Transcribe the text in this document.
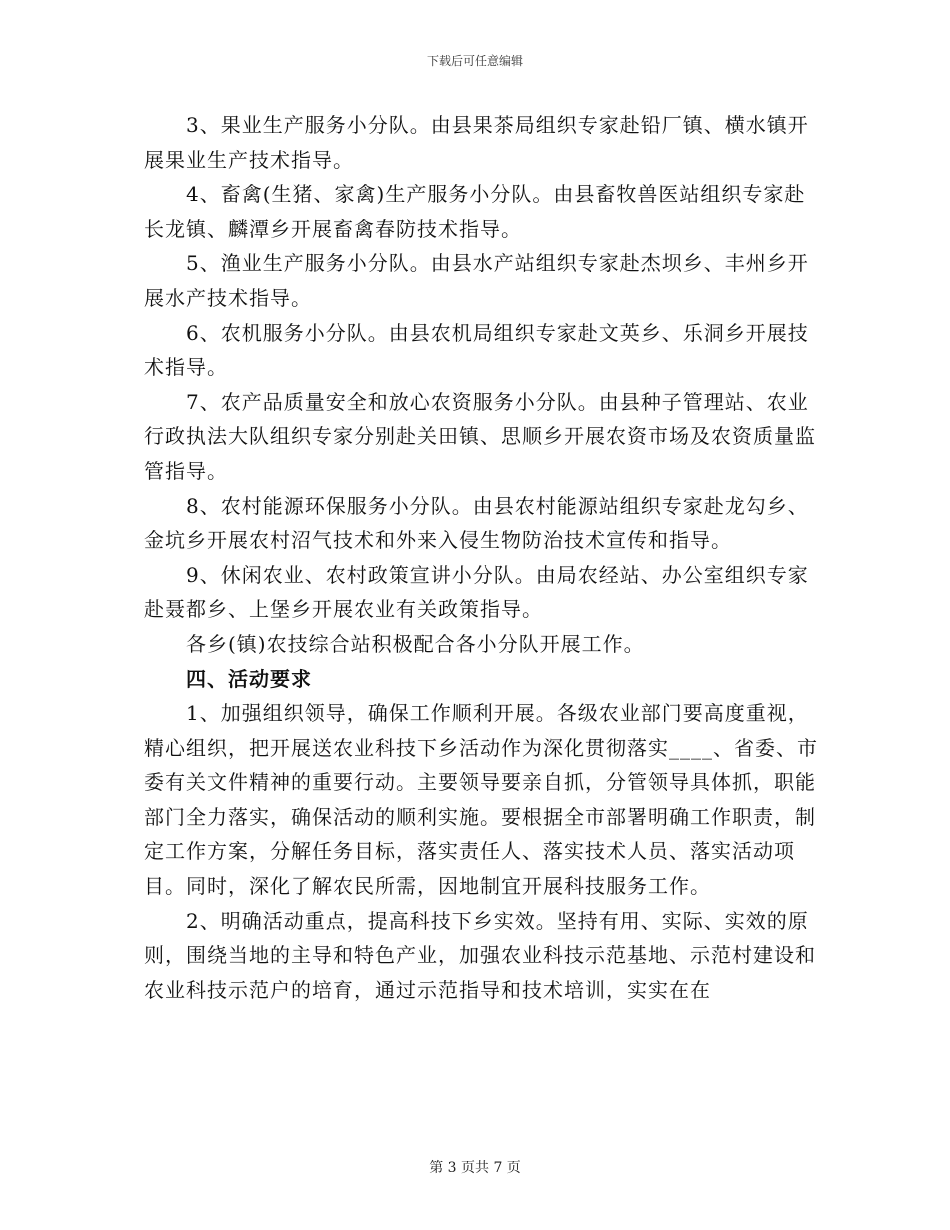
下载后可任意编辑

3、果业生产服务小分队。由县果茶局组织专家赴铅厂镇、横水镇开展果业生产技术指导。

4、畜禽(生猪、家禽)生产服务小分队。由县畜牧兽医站组织专家赴长龙镇、麟潭乡开展畜禽春防技术指导。

5、渔业生产服务小分队。由县水产站组织专家赴杰坝乡、丰州乡开展水产技术指导。

6、农机服务小分队。由县农机局组织专家赴文英乡、乐洞乡开展技术指导。

7、农产品质量安全和放心农资服务小分队。由县种子管理站、农业行政执法大队组织专家分别赴关田镇、思顺乡开展农资市场及农资质量监管指导。

8、农村能源环保服务小分队。由县农村能源站组织专家赴龙勾乡、金坑乡开展农村沼气技术和外来入侵生物防治技术宣传和指导。

9、休闲农业、农村政策宣讲小分队。由局农经站、办公室组织专家赴聂都乡、上堡乡开展农业有关政策指导。

各乡(镇)农技综合站积极配合各小分队开展工作。

四、活动要求

1、加强组织领导，确保工作顺利开展。各级农业部门要高度重视，精心组织，把开展送农业科技下乡活动作为深化贯彻落实____、省委、市委有关文件精神的重要行动。主要领导要亲自抓，分管领导具体抓，职能部门全力落实，确保活动的顺利实施。要根据全市部署明确工作职责，制定工作方案，分解任务目标，落实责任人、落实技术人员、落实活动项目。同时，深化了解农民所需，因地制宜开展科技服务工作。

2、明确活动重点，提高科技下乡实效。坚持有用、实际、实效的原则，围绕当地的主导和特色产业，加强农业科技示范基地、示范村建设和农业科技示范户的培育，通过示范指导和技术培训，实实在在

第 3 页共 7 页
